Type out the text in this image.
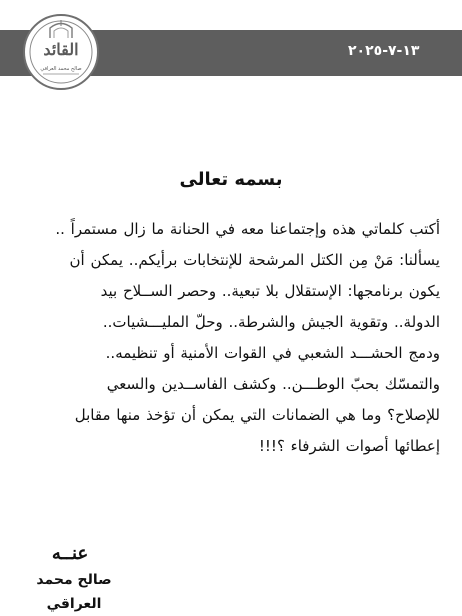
١٣-٧-٢٠٢٥
القائد
صالح محمد العراقي
بسمه تعالى
أكتب كلماتي هذه وإجتماعنا معه في الحنانة ما زال مستمراً ..
يسألنا: مَنْ مِن الكتل المرشحة للإنتخابات برأيكم.. يمكن أن
يكون برنامجها: الإستقلال بلا تبعية.. وحصر الســلاح بيد
الدولة.. وتقوية الجيش والشرطة.. وحلّ المليـــشيات..
ودمج الحشـــد الشعبي في القوات الأمنية أو تنظيمه..
والتمسّك بحبّ الوطـــن.. وكشف الفاســدين والسعي
للإصلاح؟ وما هي الضمانات التي يمكن أن تؤخذ منها مقابل
إعطائها أصوات الشرفاء ؟!!!
عنــه
صالح محمد العراقي
